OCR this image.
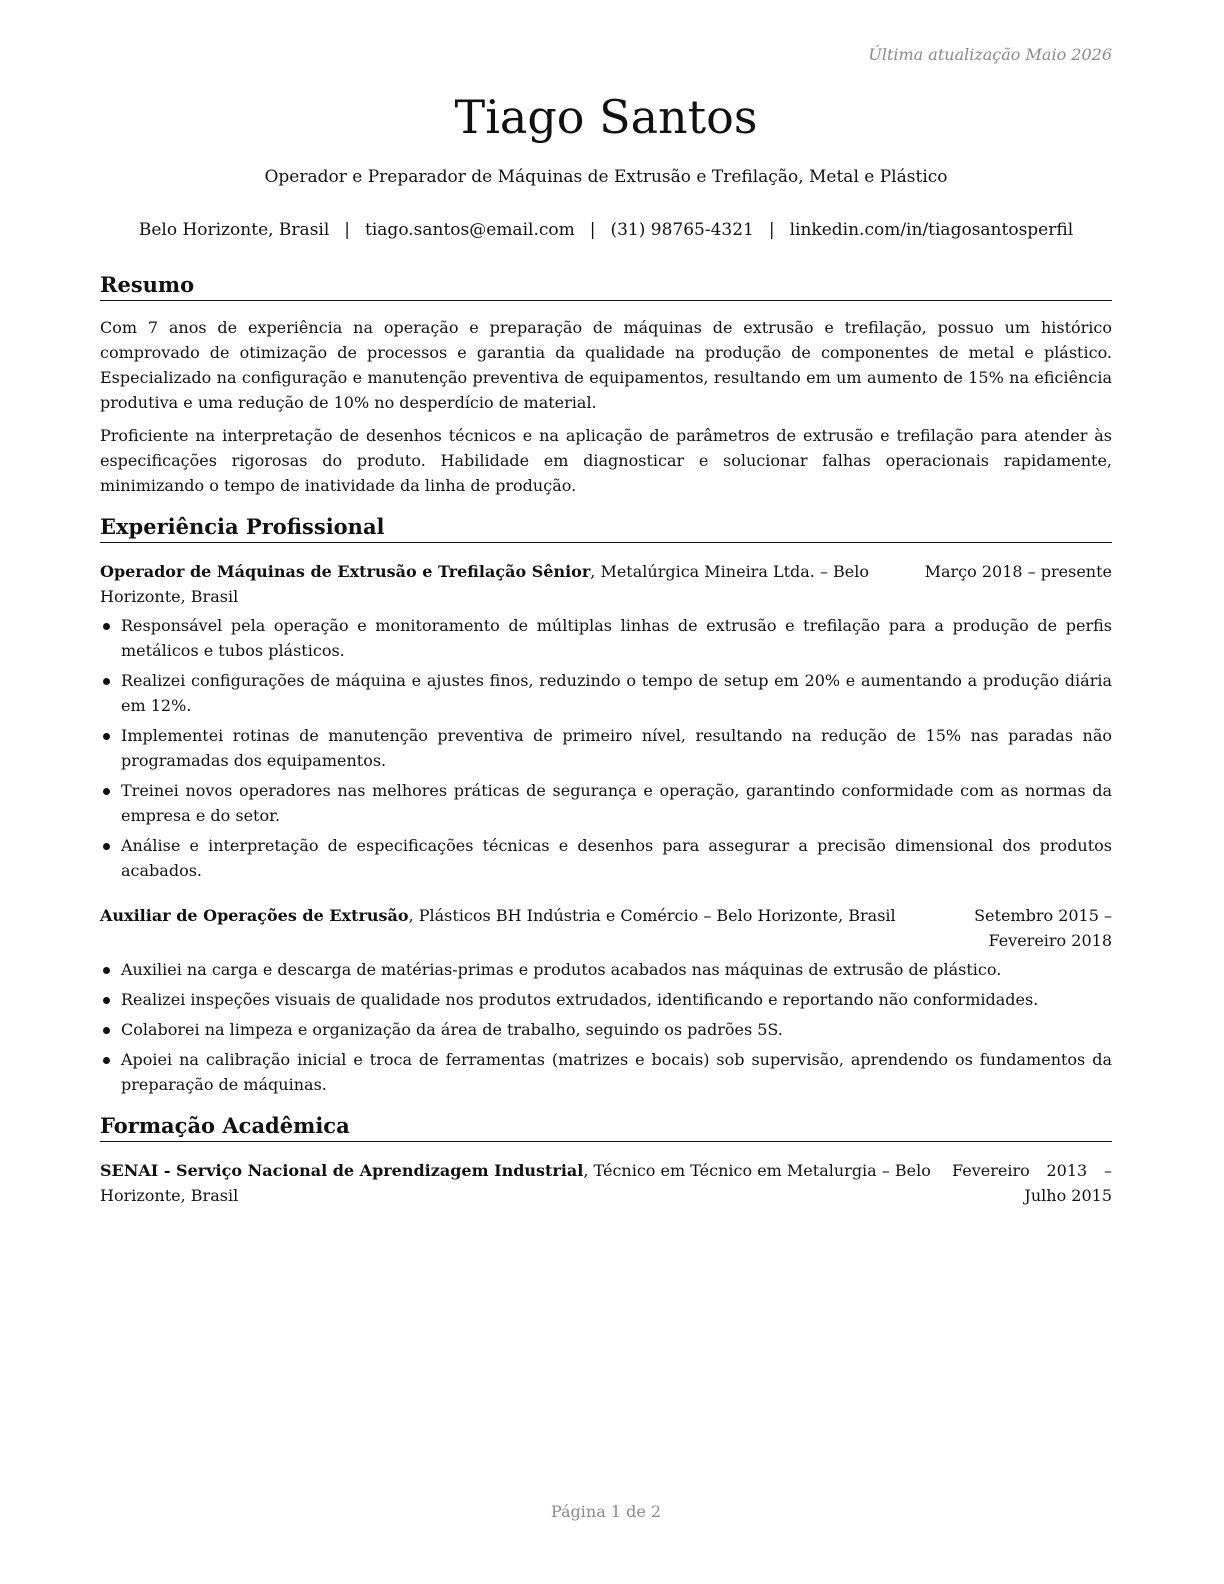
Última atualização Maio 2026
Tiago Santos
Operador e Preparador de Máquinas de Extrusão e Trefilação, Metal e Plástico
Belo Horizonte, Brasil | tiago.santos@email.com | (31) 98765-4321 | linkedin.com/in/tiagosantosperfil
Resumo

Com 7 anos de experiência na operação e preparação de máquinas de extrusão e trefilação, possuo um histórico comprovado de otimização de processos e garantia da qualidade na produção de componentes de metal e plástico. Especializado na configuração e manutenção preventiva de equipamentos, resultando em um aumento de 15% na eficiência produtiva e uma redução de 10% no desperdício de material.

Proficiente na interpretação de desenhos técnicos e na aplicação de parâmetros de extrusão e trefilação para atender às especificações rigorosas do produto. Habilidade em diagnosticar e solucionar falhas operacionais rapidamente, minimizando o tempo de inatividade da linha de produção.

Experiência Profissional
Operador de Máquinas de Extrusão e Trefilação Sênior, Metalúrgica Mineira Ltda. – Belo Horizonte, Brasil
Março 2018 – presente
Responsável pela operação e monitoramento de múltiplas linhas de extrusão e trefilação para a produção de perfis metálicos e tubos plásticos.
Realizei configurações de máquina e ajustes finos, reduzindo o tempo de setup em 20% e aumentando a produção diária em 12%.
Implementei rotinas de manutenção preventiva de primeiro nível, resultando na redução de 15% nas paradas não programadas dos equipamentos.
Treinei novos operadores nas melhores práticas de segurança e operação, garantindo conformidade com as normas da empresa e do setor.
Análise e interpretação de especificações técnicas e desenhos para assegurar a precisão dimensional dos produtos acabados.
Auxiliar de Operações de Extrusão, Plásticos BH Indústria e Comércio – Belo Horizonte, Brasil	Setembro 2015 – Fevereiro 2018
Auxiliei na carga e descarga de matérias-primas e produtos acabados nas máquinas de extrusão de plástico.
Realizei inspeções visuais de qualidade nos produtos extrudados, identificando e reportando não conformidades.
Colaborei na limpeza e organização da área de trabalho, seguindo os padrões 5S.
Apoiei na calibração inicial e troca de ferramentas (matrizes e bocais) sob supervisão, aprendendo os fundamentos da preparação de máquinas.
Formação Acadêmica
SENAI - Serviço Nacional de Aprendizagem Industrial, Técnico em Técnico em Metalurgia – Belo Horizonte, Brasil
Fevereiro 2013 – Julho 2015
Página 1 de 2
